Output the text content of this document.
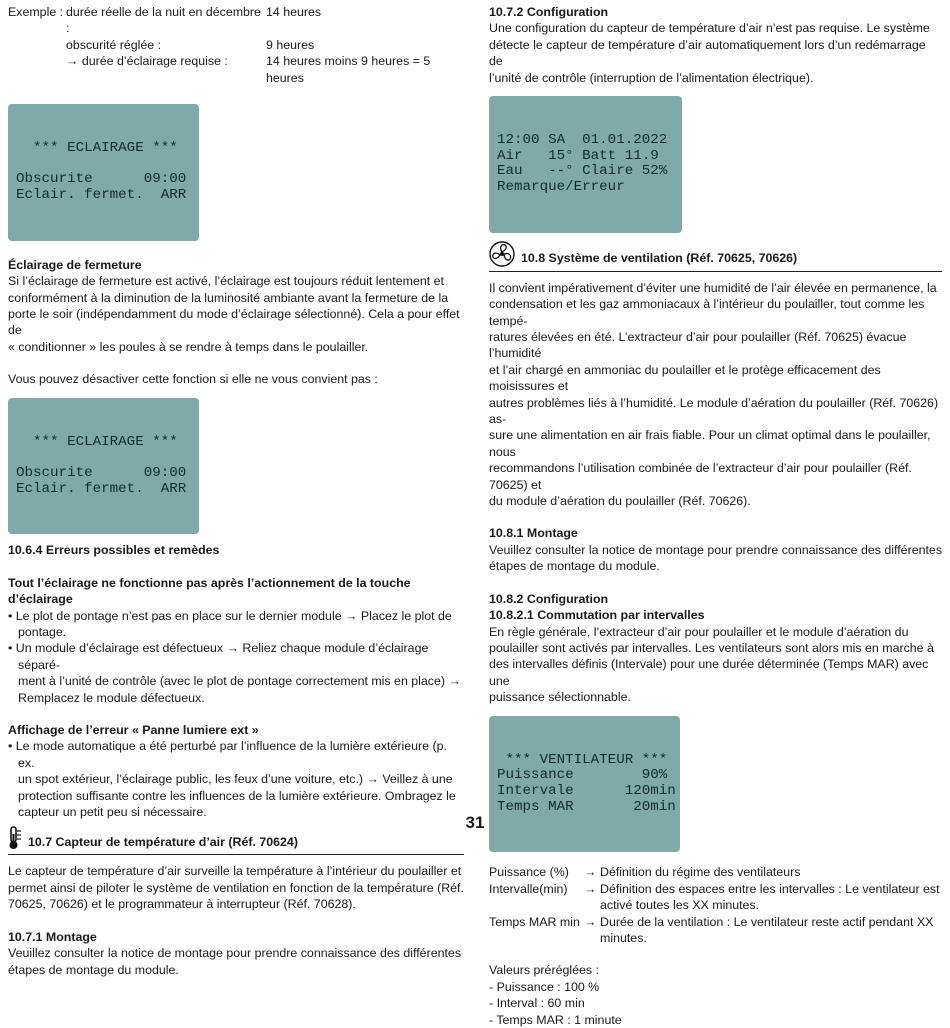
Exemple : durée réelle de la nuit en décembre :
14 heures
obscurité réglée :	9 heures
→ durée d’éclairage requise :	14 heures moins 9 heures = 5 heures

*** ECLAIRAGE ***

Obscurite      09:00
Eclair. fermet.  ARR

Éclairage de fermeture

Si l’éclairage de fermeture est activé, l’éclairage est toujours réduit lentement et

conformément à la diminution de la luminosité ambiante avant la fermeture de la

porte le soir (indépendamment du mode d’éclairage sélectionné). Cela a pour effet de

« conditionner » les poules à se rendre à temps dans le poulailler.

Vous pouvez désactiver cette fonction si elle ne vous convient pas :

*** ECLAIRAGE ***

Obscurite      09:00
Eclair. fermet.  ARR

10.6.4 Erreurs possibles et remèdes

Tout l’éclairage ne fonctionne pas après l’actionnement de la touche

d’éclairage

• Le plot de pontage n’est pas en place sur le dernier module → Placez le plot de pontage.

• Un module d’éclairage est défectueux → Reliez chaque module d’éclairage séparé-

ment à l’unité de contrôle (avec le plot de pontage correctement mis en place) →

Remplacez le module défectueux.

Affichage de l’erreur « Panne lumiere ext »

• Le mode automatique a été perturbé par l’influence de la lumière extérieure (p. ex.

un spot extérieur, l’éclairage public, les feux d’une voiture, etc.) → Veillez à une

protection suffisante contre les influences de la lumière extérieure. Ombragez le

capteur un petit peu si nécessaire.

10.7 Capteur de température d’air (Réf. 70624)

Le capteur de température d’air surveille la température à l’intérieur du poulailler et

permet ainsi de piloter le système de ventilation en fonction de la température (Réf.

70625, 70626) et le programmateur à interrupteur (Réf. 70628).

10.7.1 Montage

Veuillez consulter la notice de montage pour prendre connaissance des différentes

étapes de montage du module.

10.7.2 Configuration

Une configuration du capteur de température d’air n’est pas requise. Le système

détecte le capteur de température d’air automatiquement lors d’un redémarrage de

l’unité de contrôle (interruption de l’alimentation électrique).

12:00 SA  01.01.2022
Air   15° Batt 11.9
Eau   --° Claire 52%
Remarque/Erreur

10.8 Système de ventilation (Réf. 70625, 70626)

Il convient impérativement d’éviter une humidité de l’air élevée en permanence, la

condensation et les gaz ammoniacaux à l’intérieur du poulailler, tout comme les tempé-

ratures élevées en été. L’extracteur d’air pour poulailler (Réf. 70625) évacue l’humidité

et l’air chargé en ammoniac du poulailler et le protège efficacement des moisissures et

autres problèmes liés à l’humidité. Le module d’aération du poulailler (Réf. 70626) as-

sure une alimentation en air frais fiable. Pour un climat optimal dans le poulailler, nous

recommandons l’utilisation combinée de l’extracteur d’air pour poulailler (Réf. 70625) et

du module d’aération du poulailler (Réf. 70626).

10.8.1 Montage

Veuillez consulter la notice de montage pour prendre connaissance des différentes

étapes de montage du module.

10.8.2 Configuration

10.8.2.1 Commutation par intervalles

En règle générale, l’extracteur d’air pour poulailler et le module d’aération du

poulailler sont activés par intervalles. Les ventilateurs sont alors mis en marche à

des intervalles définis (Intervale) pour une durée déterminée (Temps MAR) avec une

puissance sélectionnable.

*** VENTILATEUR ***
Puissance        90%
Intervale      120min
Temps MAR       20min

Puissance (%)	→ Définition du régime des ventilateurs
Intervalle(min)	→ Définition des espaces entre les intervalles : Le ventilateur est
activé toutes les XX minutes.
Temps MAR min → Durée de la ventilation : Le ventilateur reste actif pendant XX
minutes.

Valeurs préréglées :

- Puissance : 100 %

- Interval : 60 min

- Temps MAR : 1 minute

31
